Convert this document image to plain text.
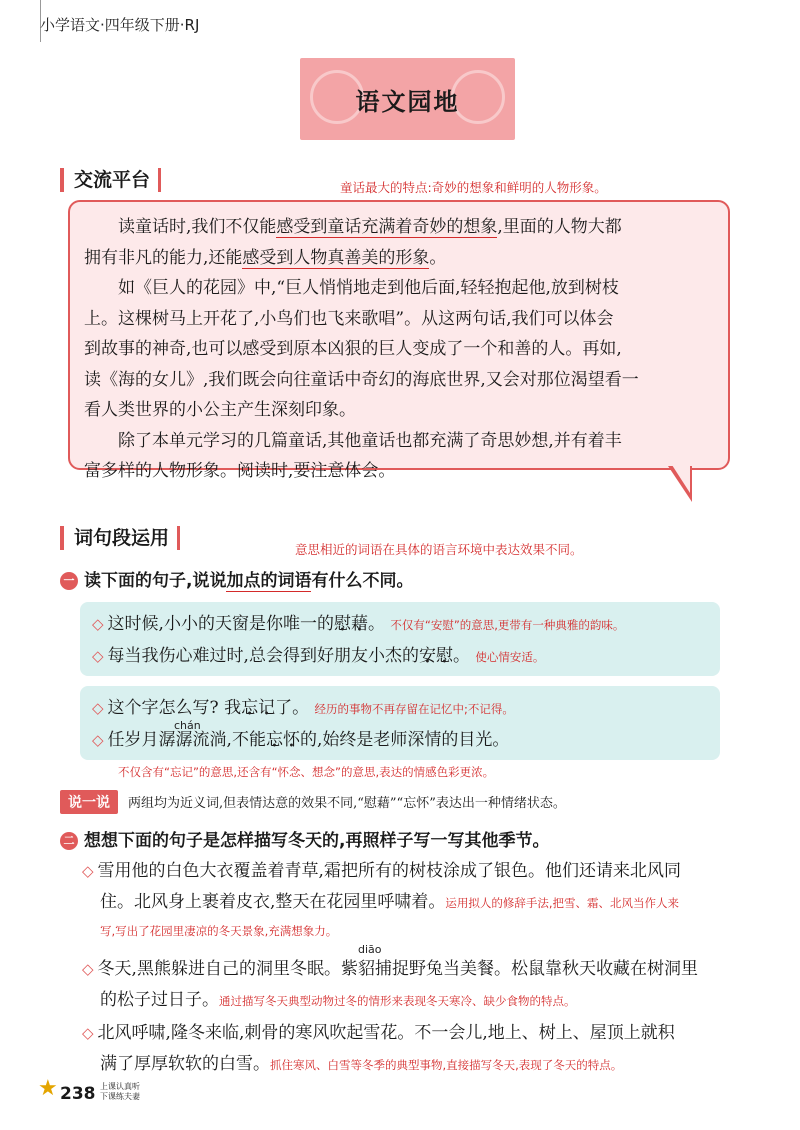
小学语文·四年级下册·RJ
语文园地
交流平台	童话最大的特点:奇妙的想象和鲜明的人物形象。

读童话时,我们不仅能感受到童话充满着奇妙的想象,里面的人物大都

拥有非凡的能力,还能感受到人物真善美的形象。

如《巨人的花园》中,“巨人悄悄地走到他后面,轻轻抱起他,放到树枝

上。这棵树马上开花了,小鸟们也飞来歌唱”。从这两句话,我们可以体会

到故事的神奇,也可以感受到原本凶狠的巨人变成了一个和善的人。再如,

读《海的女儿》,我们既会向往童话中奇幻的海底世界,又会对那位渴望看一

看人类世界的小公主产生深刻印象。

除了本单元学习的几篇童话,其他童话也都充满了奇思妙想,并有着丰

富多样的人物形象。阅读时,要注意体会。

词句段运用
意思相近的词语在具体的语言环境中表达效果不同。
一 读下面的句子,说说加点的词语有什么不同。
◇ 这时候,小小的天窗是你唯一的慰藉。 不仅有“安慰”的意思,更带有一种典雅的韵味。
◇ 每当我伤心难过时,总会得到好朋友小杰的安慰。 使心情安适。
◇ 这个字怎么写? 我忘记了。 经历的事物不再存留在记忆中;不记得。
chán
◇ 任岁月潺潺流淌,不能忘怀的,始终是老师深情的目光。
不仅含有“忘记”的意思,还含有“怀念、想念”的意思,表达的情感色彩更浓。
说一说	两组均为近义词,但表情达意的效果不同,“慰藉”“忘怀”表达出一种情绪状态。
二 想想下面的句子是怎样描写冬天的,再照样子写一写其他季节。
◇ 雪用他的白色大衣覆盖着青草,霜把所有的树枝涂成了银色。他们还请来北风同
住。北风身上裹着皮衣,整天在花园里呼啸着。运用拟人的修辞手法,把雪、霜、北风当作人来
写,写出了花园里凄凉的冬天景象,充满想象力。
diāo
◇ 冬天,黑熊躲进自己的洞里冬眠。紫貂捕捉野兔当美餐。松鼠靠秋天收藏在树洞里
的松子过日子。通过描写冬天典型动物过冬的情形来表现冬天寒冷、缺少食物的特点。
◇ 北风呼啸,隆冬来临,刺骨的寒风吹起雪花。不一会儿,地上、树上、屋顶上就积
满了厚厚软软的白雪。抓住寒风、白雪等冬季的典型事物,直接描写冬天,表现了冬天的特点。
★ 238 上课认真听
下课练夫妻
